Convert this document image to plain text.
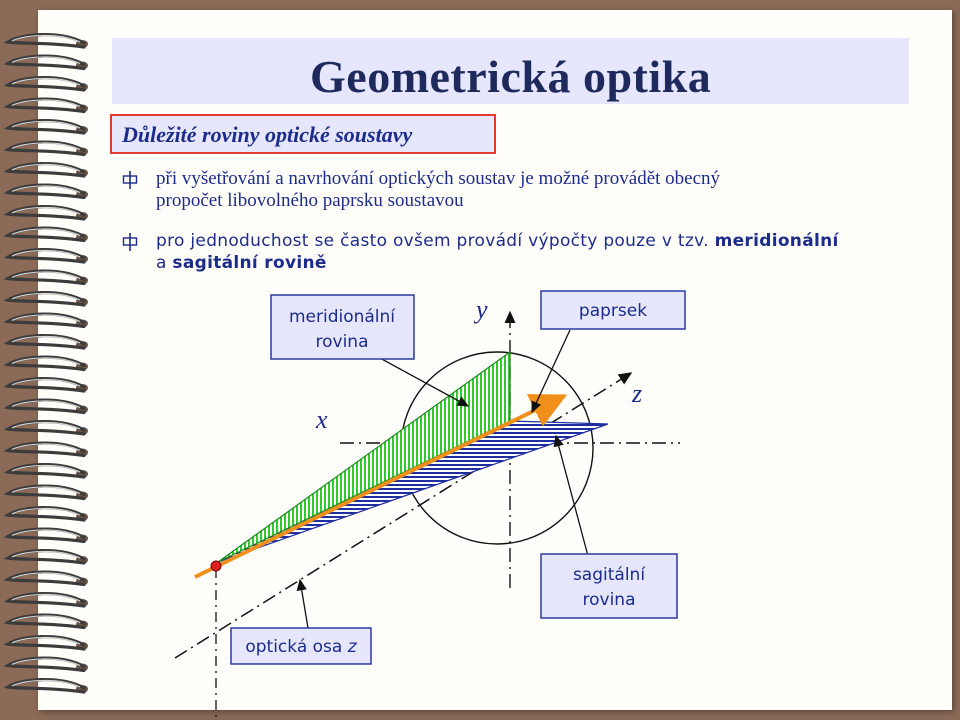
Geometrická optika
Důležité roviny optické soustavy
při vyšetřování a navrhování optických soustav je možné provádět obecný
propočet libovolného paprsku soustavou
pro jednoduchost se často ovšem provádí výpočty pouze v tzv. meridionální
a sagitální rovině
meridionální
rovina
paprsek
sagitální
rovina
optická osa z
y
x
z
